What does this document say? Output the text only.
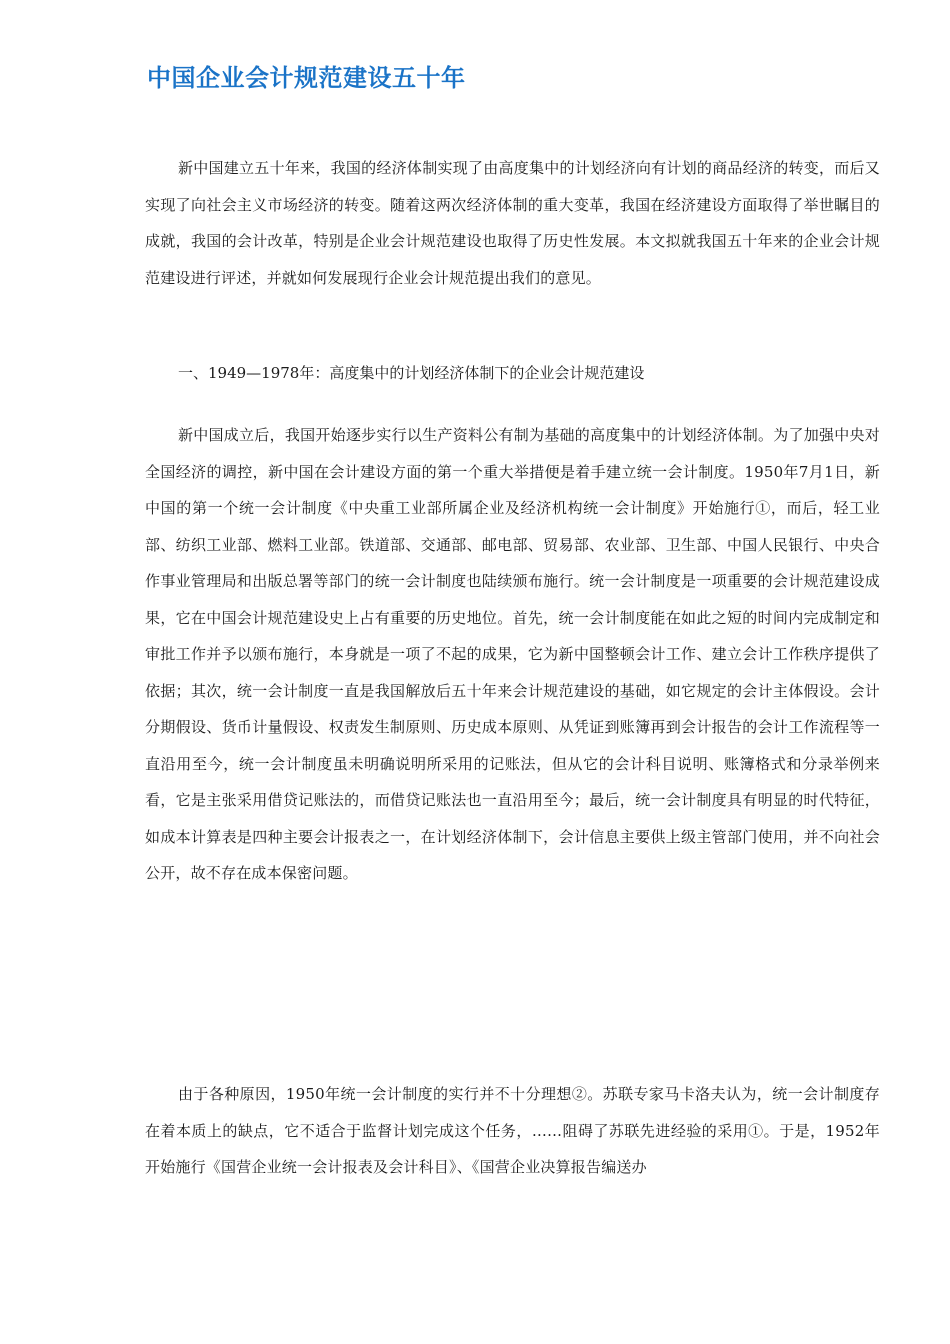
中国企业会计规范建设五十年

新中国建立五十年来，我国的经济体制实现了由高度集中的计划经济向有计划的商品经济的转变，而后又实现了向社会主义市场经济的转变。随着这两次经济体制的重大变革，我国在经济建设方面取得了举世瞩目的成就，我国的会计改革，特别是企业会计规范建设也取得了历史性发展。本文拟就我国五十年来的企业会计规范建设进行评述，并就如何发展现行企业会计规范提出我们的意见。

一、1949—1978年：高度集中的计划经济体制下的企业会计规范建设

新中国成立后，我国开始逐步实行以生产资料公有制为基础的高度集中的计划经济体制。为了加强中央对全国经济的调控，新中国在会计建设方面的第一个重大举措便是着手建立统一会计制度。1950年7月1日，新中国的第一个统一会计制度《中央重工业部所属企业及经济机构统一会计制度》开始施行①，而后，轻工业部、纺织工业部、燃料工业部。铁道部、交通部、邮电部、贸易部、农业部、卫生部、中国人民银行、中央合作事业管理局和出版总署等部门的统一会计制度也陆续颁布施行。统一会计制度是一项重要的会计规范建设成果，它在中国会计规范建设史上占有重要的历史地位。首先，统一会计制度能在如此之短的时间内完成制定和审批工作并予以颁布施行，本身就是一项了不起的成果，它为新中国整顿会计工作、建立会计工作秩序提供了依据；其次，统一会计制度一直是我国解放后五十年来会计规范建设的基础，如它规定的会计主体假设。会计分期假设、货币计量假设、权责发生制原则、历史成本原则、从凭证到账簿再到会计报告的会计工作流程等一直沿用至今，统一会计制度虽未明确说明所采用的记账法，但从它的会计科目说明、账簿格式和分录举例来看，它是主张采用借贷记账法的，而借贷记账法也一直沿用至今；最后，统一会计制度具有明显的时代特征，如成本计算表是四种主要会计报表之一，在计划经济体制下，会计信息主要供上级主管部门使用，并不向社会公开，故不存在成本保密问题。

由于各种原因，1950年统一会计制度的实行并不十分理想②。苏联专家马卡洛夫认为，统一会计制度存在着本质上的缺点，它不适合于监督计划完成这个任务，……阻碍了苏联先进经验的采用①。于是，1952年开始施行《国营企业统一会计报表及会计科目》、《国营企业决算报告编送办
